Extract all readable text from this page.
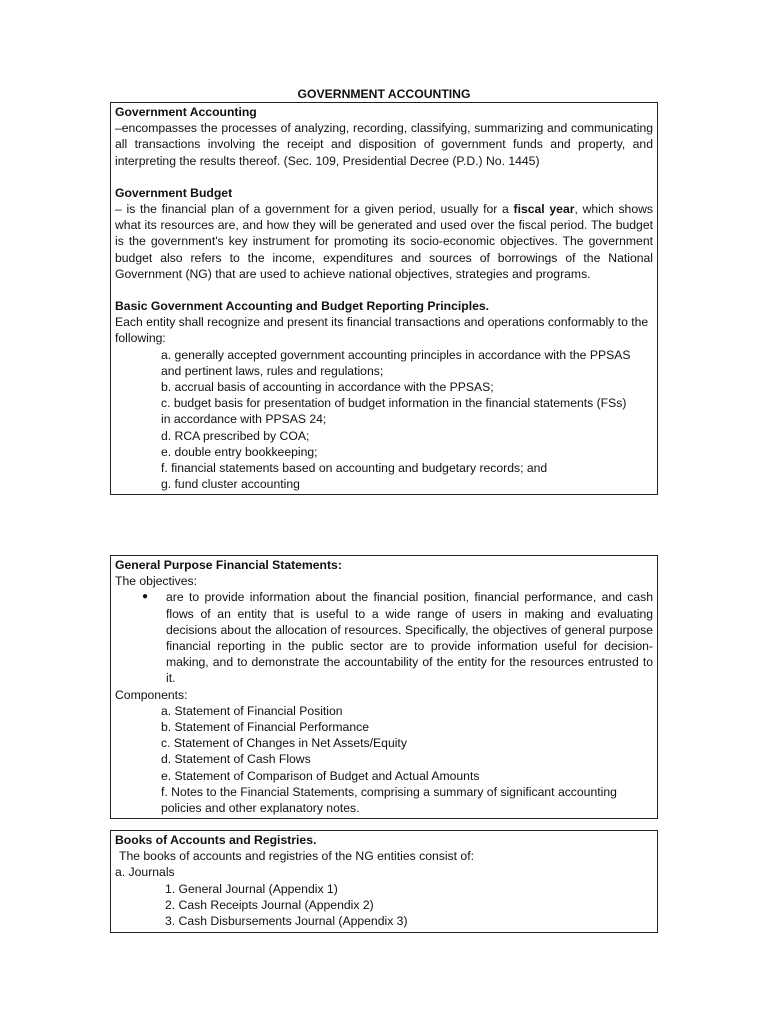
GOVERNMENT ACCOUNTING

Government Accounting

–encompasses the processes of analyzing, recording, classifying, summarizing and communicating all transactions involving the receipt and disposition of government funds and property, and interpreting the results thereof. (Sec. 109, Presidential Decree (P.D.) No. 1445)

Government Budget

– is the financial plan of a government for a given period, usually for a fiscal year, which shows what its resources are, and how they will be generated and used over the fiscal period. The budget is the government's key instrument for promoting its socio-economic objectives. The government budget also refers to the income, expenditures and sources of borrowings of the National Government (NG) that are used to achieve national objectives, strategies and programs.

Basic Government Accounting and Budget Reporting Principles.

Each entity shall recognize and present its financial transactions and operations conformably to the following:

a. generally accepted government accounting principles in accordance with the PPSAS
and pertinent laws, rules and regulations;
b. accrual basis of accounting in accordance with the PPSAS;
c. budget basis for presentation of budget information in the financial statements (FSs)
in accordance with PPSAS 24;
d. RCA prescribed by COA;
e. double entry bookkeeping;
f. financial statements based on accounting and budgetary records; and
g. fund cluster accounting

General Purpose Financial Statements:

The objectives:

● are to provide information about the financial position, financial performance, and cash flows of an entity that is useful to a wide range of users in making and evaluating decisions about the allocation of resources. Specifically, the objectives of general purpose financial reporting in the public sector are to provide information useful for decision-making, and to demonstrate the accountability of the entity for the resources entrusted to it.

Components:

a. Statement of Financial Position
b. Statement of Financial Performance
c. Statement of Changes in Net Assets/Equity
d. Statement of Cash Flows
e. Statement of Comparison of Budget and Actual Amounts
f. Notes to the Financial Statements, comprising a summary of significant accounting policies and other explanatory notes.

Books of Accounts and Registries.

The books of accounts and registries of the NG entities consist of:

a. Journals

1. General Journal (Appendix 1)
2. Cash Receipts Journal (Appendix 2)
3. Cash Disbursements Journal (Appendix 3)
